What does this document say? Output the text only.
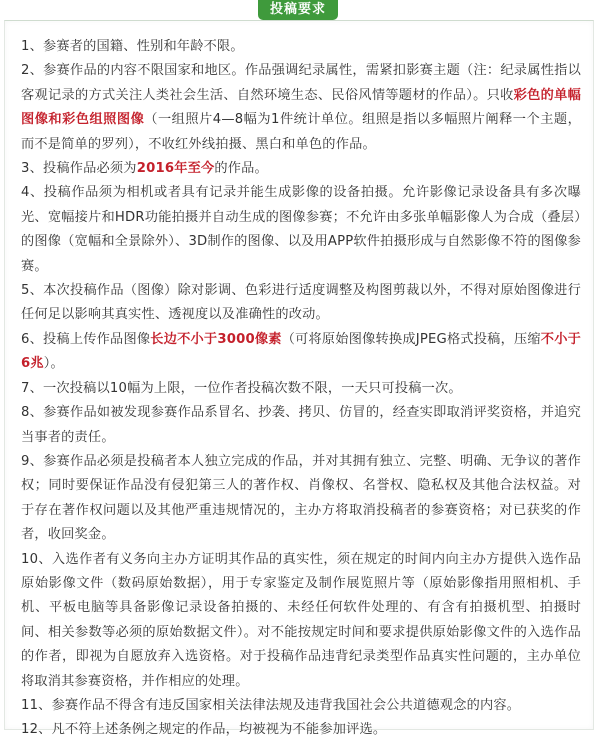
投稿要求

1、参赛者的国籍、性别和年龄不限。

2、参赛作品的内容不限国家和地区。作品强调纪录属性，需紧扣影赛主题（注：纪录属性指以客观记录的方式关注人类社会生活、自然环境生态、民俗风情等题材的作品）。只收彩色的单幅图像和彩色组照图像（一组照片4—8幅为1件统计单位。组照是指以多幅照片阐释一个主题，而不是简单的罗列），不收红外线拍摄、黑白和单色的作品。

3、投稿作品必须为2016年至今的作品。

4、投稿作品须为相机或者具有记录并能生成影像的设备拍摄。允许影像记录设备具有多次曝光、宽幅接片和HDR功能拍摄并自动生成的图像参赛；不允许由多张单幅影像人为合成（叠层）的图像（宽幅和全景除外）、3D制作的图像、以及用APP软件拍摄形成与自然影像不符的图像参赛。

5、本次投稿作品（图像）除对影调、色彩进行适度调整及构图剪裁以外，不得对原始图像进行任何足以影响其真实性、透视度以及准确性的改动。

6、投稿上传作品图像长边不小于3000像素（可将原始图像转换成JPEG格式投稿，压缩不小于6兆）。

7、一次投稿以10幅为上限，一位作者投稿次数不限，一天只可投稿一次。

8、参赛作品如被发现参赛作品系冒名、抄袭、拷贝、仿冒的，经查实即取消评奖资格，并追究当事者的责任。

9、参赛作品必须是投稿者本人独立完成的作品，并对其拥有独立、完整、明确、无争议的著作权；同时要保证作品没有侵犯第三人的著作权、肖像权、名誉权、隐私权及其他合法权益。对于存在著作权问题以及其他严重违规情况的，主办方将取消投稿者的参赛资格；对已获奖的作者，收回奖金。

10、入选作者有义务向主办方证明其作品的真实性，须在规定的时间内向主办方提供入选作品原始影像文件（数码原始数据），用于专家鉴定及制作展览照片等（原始影像指用照相机、手机、平板电脑等具备影像记录设备拍摄的、未经任何软件处理的、有含有拍摄机型、拍摄时间、相关参数等必须的原始数据文件）。对不能按规定时间和要求提供原始影像文件的入选作品的作者，即视为自愿放弃入选资格。对于投稿作品违背纪录类型作品真实性问题的，主办单位将取消其参赛资格，并作相应的处理。

11、参赛作品不得含有违反国家相关法律法规及违背我国社会公共道德观念的内容。

12、凡不符上述条例之规定的作品，均被视为不能参加评选。
